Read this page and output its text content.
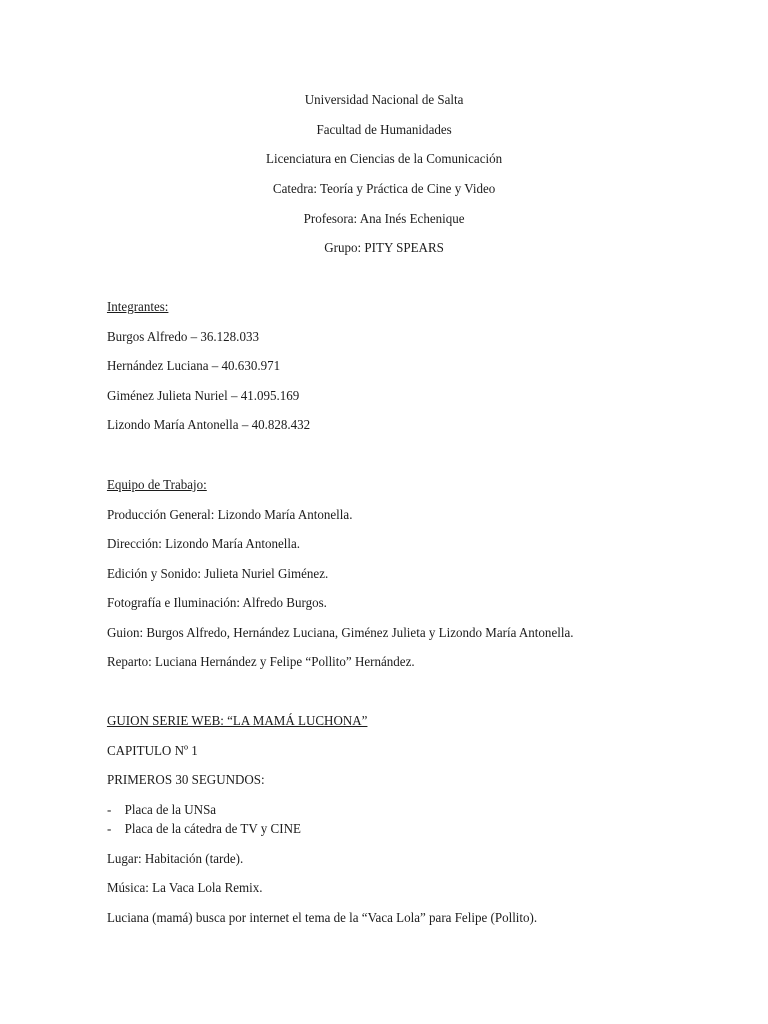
Universidad Nacional de Salta
Facultad de Humanidades
Licenciatura en Ciencias de la Comunicación
Catedra: Teoría y Práctica de Cine y Video
Profesora: Ana Inés Echenique
Grupo: PITY SPEARS
Integrantes:
Burgos Alfredo – 36.128.033
Hernández Luciana – 40.630.971
Giménez Julieta Nuriel – 41.095.169
Lizondo María Antonella – 40.828.432
Equipo de Trabajo:
Producción General: Lizondo María Antonella.
Dirección: Lizondo María Antonella.
Edición y Sonido: Julieta Nuriel Giménez.
Fotografía e Iluminación: Alfredo Burgos.
Guion: Burgos Alfredo, Hernández Luciana, Giménez Julieta y Lizondo María Antonella.
Reparto: Luciana Hernández y Felipe “Pollito” Hernández.
GUION SERIE WEB: “LA MAMÁ LUCHONA”
CAPITULO Nº 1
PRIMEROS 30 SEGUNDOS:
- Placa de la UNSa
- Placa de la cátedra de TV y CINE
Lugar: Habitación (tarde).
Música: La Vaca Lola Remix.
Luciana (mamá) busca por internet el tema de la “Vaca Lola” para Felipe (Pollito).
